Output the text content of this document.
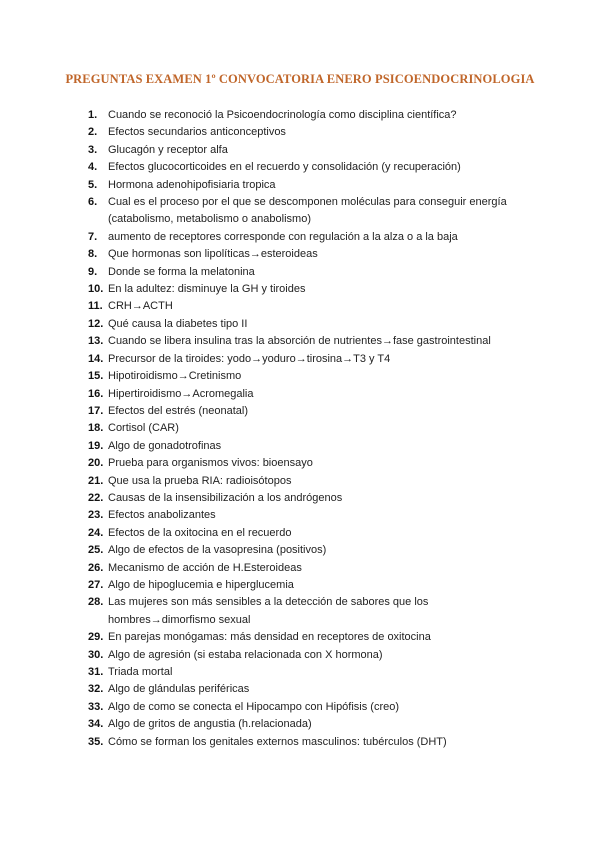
PREGUNTAS EXAMEN 1º CONVOCATORIA ENERO PSICOENDOCRINOLOGIA
1. Cuando se reconoció la Psicoendocrinología como disciplina científica?
2. Efectos secundarios anticonceptivos
3. Glucagón y receptor alfa
4. Efectos glucocorticoides en el recuerdo y consolidación (y recuperación)
5. Hormona adenohipofisiaria tropica
6. Cual es el proceso por el que se descomponen moléculas para conseguir energía
(catabolismo, metabolismo o anabolismo)
7. aumento de receptores corresponde con regulación a la alza o a la baja
8. Que hormonas son lipolíticas→esteroideas
9. Donde se forma la melatonina
10. En la adultez: disminuye la GH y tiroides
11. CRH→ACTH
12. Qué causa la diabetes tipo II
13. Cuando se libera insulina tras la absorción de nutrientes→fase gastrointestinal
14. Precursor de la tiroides: yodo→yoduro→tirosina→T3 y T4
15. Hipotiroidismo→Cretinismo
16. Hipertiroidismo→Acromegalia
17. Efectos del estrés (neonatal)
18. Cortisol (CAR)
19. Algo de gonadotrofinas
20. Prueba para organismos vivos: bioensayo
21. Que usa la prueba RIA: radioisótopos
22. Causas de la insensibilización a los andrógenos
23. Efectos anabolizantes
24. Efectos de la oxitocina en el recuerdo
25. Algo de efectos de la vasopresina (positivos)
26. Mecanismo de acción de H.Esteroideas
27. Algo de hipoglucemia e hiperglucemia
28. Las mujeres son más sensibles a la detección de sabores que los
hombres→dimorfismo sexual
29. En parejas monógamas: más densidad en receptores de oxitocina
30. Algo de agresión (si estaba relacionada con X hormona)
31. Triada mortal
32. Algo de glándulas periféricas
33. Algo de como se conecta el Hipocampo con Hipófisis (creo)
34. Algo de gritos de angustia (h.relacionada)
35. Cómo se forman los genitales externos masculinos: tubérculos (DHT)
